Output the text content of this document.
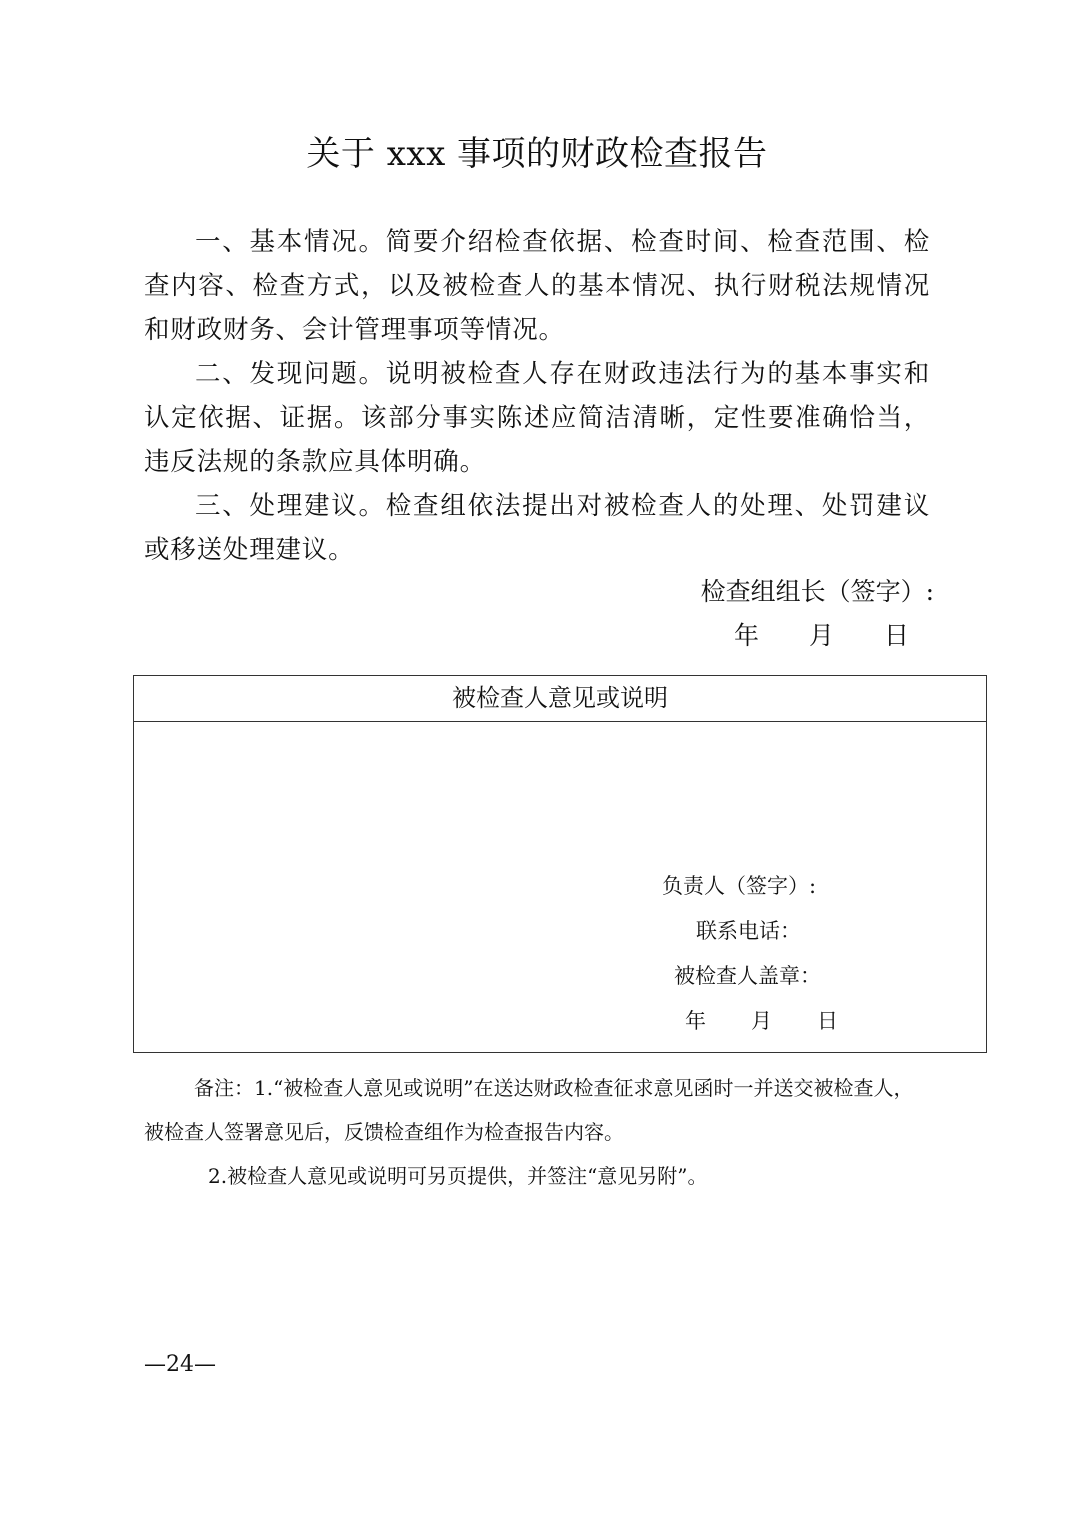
关于 xxx 事项的财政检查报告

一、基本情况。简要介绍检查依据、检查时间、检查范围、检查内容、检查方式，以及被检查人的基本情况、执行财税法规情况和财政财务、会计管理事项等情况。

二、发现问题。说明被检查人存在财政违法行为的基本事实和认定依据、证据。该部分事实陈述应简洁清晰，定性要准确恰当，违反法规的条款应具体明确。

三、处理建议。检查组依法提出对被检查人的处理、处罚建议或移送处理建议。

检查组组长（签字）:
年 月 日
被检查人意见或说明
负责人（签字）:
联系电话：
被检查人盖章：
年 月 日

备注：1.“被检查人意见或说明”在送达财政检查征求意见函时一并送交被检查人，被检查人签署意见后，反馈检查组作为检查报告内容。

2.被检查人意见或说明可另页提供，并签注“意见另附”。

—24—
